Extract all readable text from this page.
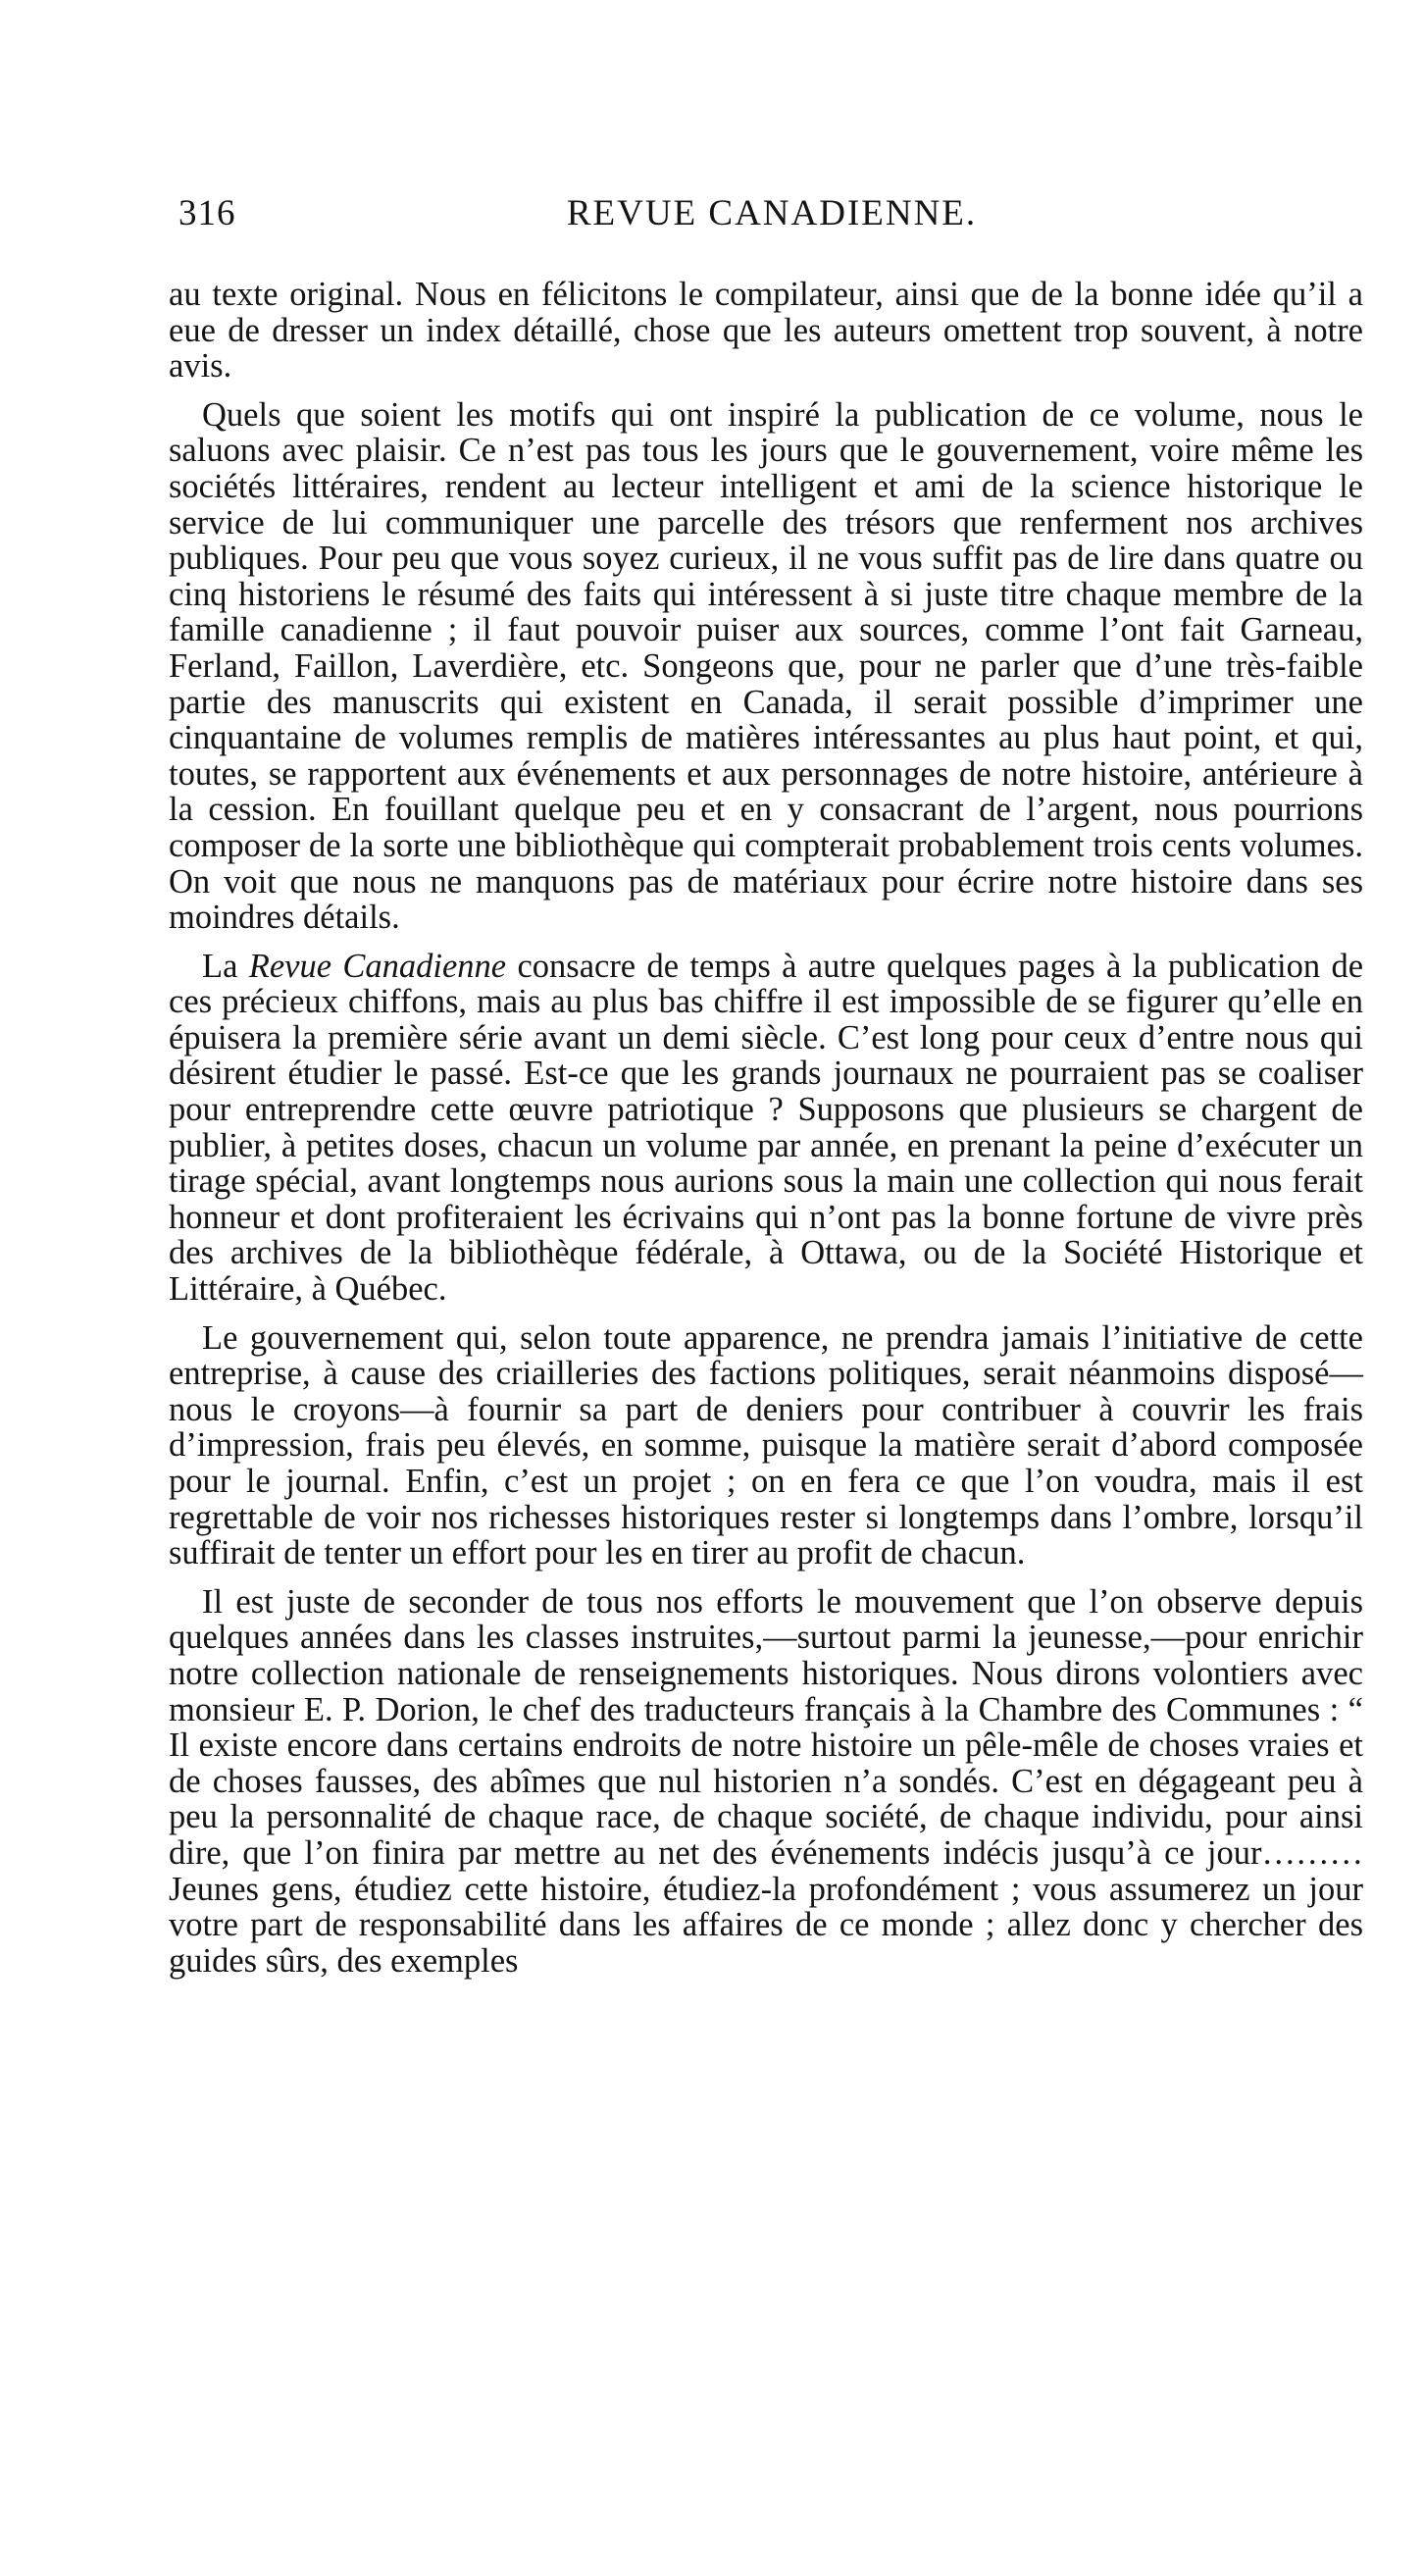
316	REVUE CANADIENNE.

au texte original. Nous en félicitons le compilateur, ainsi que de la bonne idée qu’il a eue de dresser un index détaillé, chose que les auteurs omettent trop souvent, à notre avis.

Quels que soient les motifs qui ont inspiré la publication de ce volume, nous le saluons avec plaisir. Ce n’est pas tous les jours que le gouvernement, voire même les sociétés littéraires, rendent au lecteur intelligent et ami de la science historique le service de lui communiquer une parcelle des trésors que renferment nos archives publiques. Pour peu que vous soyez curieux, il ne vous suffit pas de lire dans quatre ou cinq historiens le résumé des faits qui intéressent à si juste titre chaque membre de la famille canadienne ; il faut pouvoir puiser aux sources, comme l’ont fait Garneau, Ferland, Faillon, Laverdière, etc. Songeons que, pour ne parler que d’une très-faible partie des manuscrits qui existent en Canada, il serait possible d’imprimer une cinquantaine de volumes remplis de matières intéressantes au plus haut point, et qui, toutes, se rapportent aux événements et aux personnages de notre histoire, antérieure à la cession. En fouillant quelque peu et en y consacrant de l’argent, nous pourrions composer de la sorte une bibliothèque qui compterait probablement trois cents volumes. On voit que nous ne manquons pas de matériaux pour écrire notre histoire dans ses moindres détails.

La Revue Canadienne consacre de temps à autre quelques pages à la publication de ces précieux chiffons, mais au plus bas chiffre il est impossible de se figurer qu’elle en épuisera la première série avant un demi siècle. C’est long pour ceux d’entre nous qui désirent étudier le passé. Est-ce que les grands journaux ne pourraient pas se coaliser pour entreprendre cette œuvre patriotique ? Supposons que plusieurs se chargent de publier, à petites doses, chacun un volume par année, en prenant la peine d’exécuter un tirage spécial, avant longtemps nous aurions sous la main une collection qui nous ferait honneur et dont profiteraient les écrivains qui n’ont pas la bonne fortune de vivre près des archives de la bibliothèque fédérale, à Ottawa, ou de la Société Historique et Littéraire, à Québec.

Le gouvernement qui, selon toute apparence, ne prendra jamais l’initiative de cette entreprise, à cause des criailleries des factions politiques, serait néanmoins disposé—nous le croyons—à fournir sa part de deniers pour contribuer à couvrir les frais d’impression, frais peu élevés, en somme, puisque la matière serait d’abord composée pour le journal. Enfin, c’est un projet ; on en fera ce que l’on voudra, mais il est regrettable de voir nos richesses historiques rester si longtemps dans l’ombre, lorsqu’il suffirait de tenter un effort pour les en tirer au profit de chacun.

Il est juste de seconder de tous nos efforts le mouvement que l’on observe depuis quelques années dans les classes instruites,—surtout parmi la jeunesse,—pour enrichir notre collection nationale de renseignements historiques. Nous dirons volontiers avec monsieur E. P. Dorion, le chef des traducteurs français à la Chambre des Communes : “ Il existe encore dans certains endroits de notre histoire un pêle-mêle de choses vraies et de choses fausses, des abîmes que nul historien n’a sondés. C’est en dégageant peu à peu la personnalité de chaque race, de chaque société, de chaque individu, pour ainsi dire, que l’on finira par mettre au net des événements indécis jusqu’à ce jour……… Jeunes gens, étudiez cette histoire, étudiez-la profondément ; vous assumerez un jour votre part de responsabilité dans les affaires de ce monde ; allez donc y chercher des guides sûrs, des exemples
